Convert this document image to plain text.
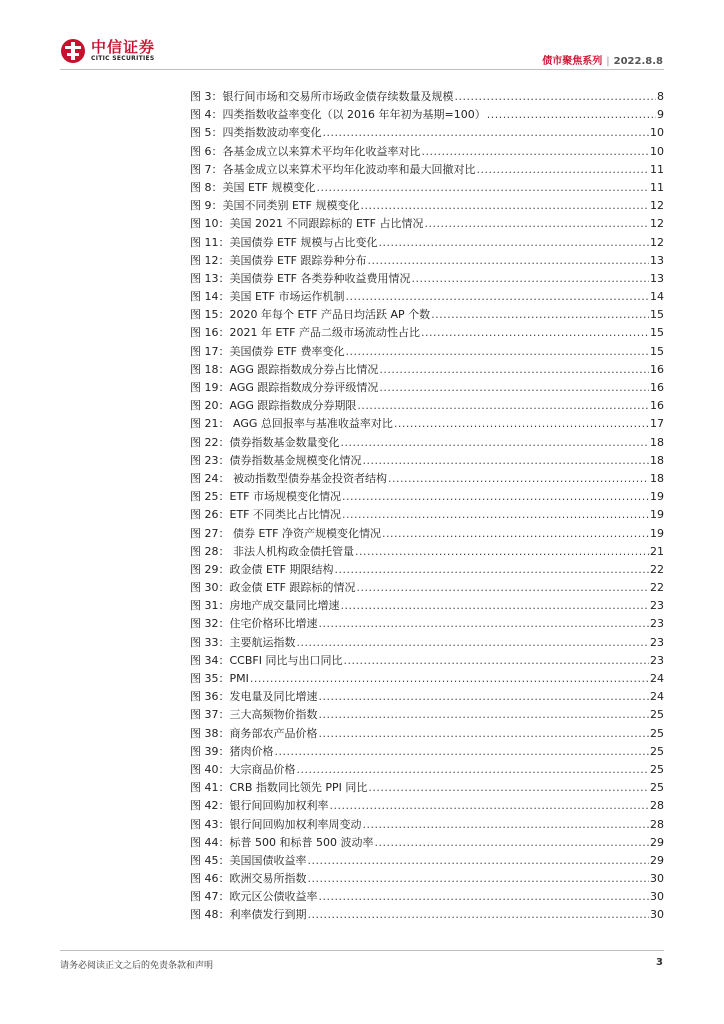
中信证券
CITIC SECURITIES	债市聚焦系列 | 2022.8.8
图 3：银行间市场和交易所市场政金债存续数量及规模 .....	8
图 4：四类指数收益率变化（以 2016 年年初为基期=100） .....	9
图 5：四类指数波动率变化 .....	10
图 6：各基金成立以来算术平均年化收益率对比 .....	10
图 7：各基金成立以来算术平均年化波动率和最大回撤对比 .....	11
图 8：美国 ETF 规模变化 .....	11
图 9：美国不同类别 ETF 规模变化 .....	12
图 10：美国 2021 不同跟踪标的 ETF 占比情况 .....	12
图 11：美国债券 ETF 规模与占比变化 .....	12
图 12：美国债券 ETF 跟踪券种分布 .....	13
图 13：美国债券 ETF 各类券种收益费用情况 .....	13
图 14：美国 ETF 市场运作机制 .....	14
图 15：2020 年每个 ETF 产品日均活跃 AP 个数 .....	15
图 16：2021 年 ETF 产品二级市场流动性占比 .....	15
图 17：美国债券 ETF 费率变化 .....	15
图 18：AGG 跟踪指数成分券占比情况 .....	16
图 19：AGG 跟踪指数成分券评级情况 .....	16
图 20：AGG 跟踪指数成分券期限 .....	16
图 21： AGG 总回报率与基准收益率对比 .....	17
图 22：债券指数基金数量变化 .....	18
图 23：债券指数基金规模变化情况 .....	18
图 24： 被动指数型债券基金投资者结构 .....	18
图 25：ETF 市场规模变化情况 .....	19
图 26：ETF 不同类比占比情况 .....	19
图 27： 债券 ETF 净资产规模变化情况 .....	19
图 28： 非法人机构政金债托管量 .....	21
图 29：政金债 ETF 期限结构 .....	22
图 30：政金债 ETF 跟踪标的情况 .....	22
图 31：房地产成交量同比增速 .....	23
图 32：住宅价格环比增速 .....	23
图 33：主要航运指数 .....	23
图 34：CCBFI 同比与出口同比 .....	23
图 35：PMI .....	24
图 36：发电量及同比增速 .....	24
图 37：三大高频物价指数 .....	25
图 38：商务部农产品价格 .....	25
图 39：猪肉价格 .....	25
图 40：大宗商品价格 .....	25
图 41：CRB 指数同比领先 PPI 同比 .....	25
图 42：银行间回购加权利率 .....	28
图 43：银行间回购加权利率周变动 .....	28
图 44：标普 500 和标普 500 波动率 .....	29
图 45：美国国债收益率 .....	29
图 46：欧洲交易所指数 .....	30
图 47：欧元区公债收益率 .....	30
图 48：利率债发行到期 .....	30
请务必阅读正文之后的免责条款和声明	3
